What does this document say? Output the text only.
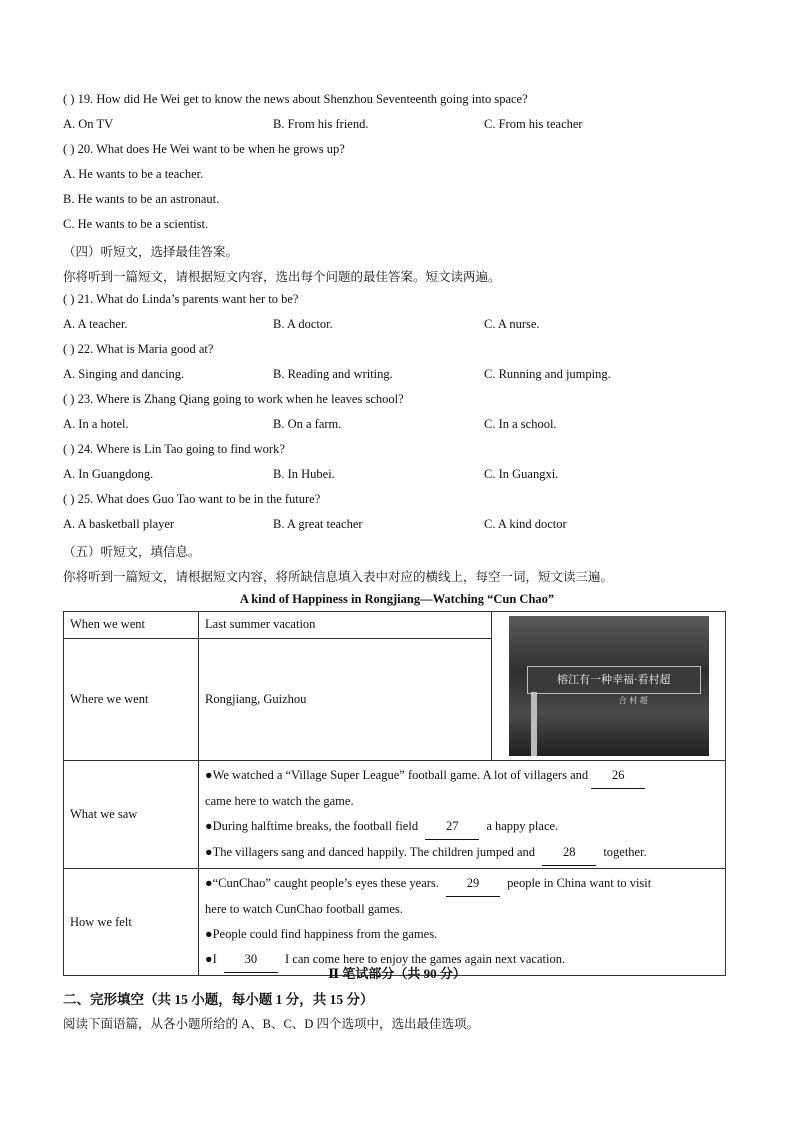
( ) 19. How did He Wei get to know the news about Shenzhou Seventeenth going into space?
A. On TV	B. From his friend.	C. From his teacher
( ) 20. What does He Wei want to be when he grows up?
A. He wants to be a teacher.
B. He wants to be an astronaut.
C. He wants to be a scientist.
（四）听短文，选择最佳答案。
你将听到一篇短文，请根据短文内容，选出每个问题的最佳答案。短文读两遍。
( ) 21. What do Linda’s parents want her to be?
A. A teacher.	B. A doctor.	C. A nurse.
( ) 22. What is Maria good at?
A. Singing and dancing.	B. Reading and writing.	C. Running and jumping.
( ) 23. Where is Zhang Qiang going to work when he leaves school?
A. In a hotel.	B. On a farm.	C. In a school.
( ) 24. Where is Lin Tao going to find work?
A. In Guangdong.	B. In Hubei.	C. In Guangxi.
( ) 25. What does Guo Tao want to be in the future?
A. A basketball player	B. A great teacher	C. A kind doctor
（五）听短文，填信息。
你将听到一篇短文，请根据短文内容，将所缺信息填入表中对应的横线上，每空一词，短文读三遍。
A kind of Happiness in Rongjiang—Watching “Cun Chao”
When we went	Last summer vacation	榕江有一种幸福·看村超
合 村 超

Where we went	Rongjiang, Guizhou	
What we saw	●We watched a “Village Super League” football game. A lot of villagers and 26
came here to watch the game.
●During halftime breaks, the football field 27 a happy place.
●The villagers sang and danced happily. The children jumped and 28 together.	

How we felt	●“CunChao” caught people’s eyes these years. 29 people in China want to visit
here to watch CunChao football games.
●People could find happiness from the games.
●I 30 I can come here to enjoy the games again next vacation.	
Ⅱ 笔试部分（共 90 分）
二、完形填空（共 15 小题，每小题 1 分，共 15 分）
阅读下面语篇，从各小题所给的 A、B、C、D 四个选项中，选出最佳选项。
